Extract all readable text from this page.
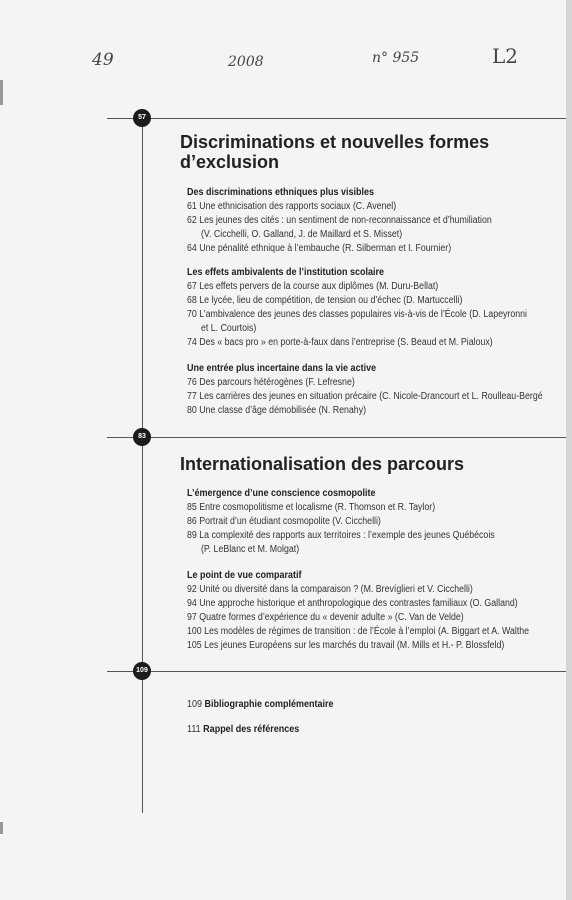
49	2008	n° 955	L2
57
83
109
Discriminations et nouvelles formes
d’exclusion
Des discriminations ethniques plus visibles
61 Une ethnicisation des rapports sociaux (C. Avenel)
62 Les jeunes des cités : un sentiment de non-reconnaissance et d’humiliation
(V. Cicchelli, O. Galland, J. de Maillard et S. Misset)
64 Une pénalité ethnique à l’embauche (R. Silberman et I. Fournier)
Les effets ambivalents de l’institution scolaire
67 Les effets pervers de la course aux diplômes (M. Duru-Bellat)
68 Le lycée, lieu de compétition, de tension ou d’échec (D. Martuccelli)
70 L’ambivalence des jeunes des classes populaires vis-à-vis de l’École (D. Lapeyronni
et L. Courtois)
74 Des « bacs pro » en porte-à-faux dans l’entreprise (S. Beaud et M. Pialoux)
Une entrée plus incertaine dans la vie active
76 Des parcours hétérogènes (F. Lefresne)
77 Les carrières des jeunes en situation précaire (C. Nicole-Drancourt et L. Roulleau-Bergé
80 Une classe d’âge démobilisée (N. Renahy)
Internationalisation des parcours
L’émergence d’une conscience cosmopolite
85 Entre cosmopolitisme et localisme (R. Thomson et R. Taylor)
86 Portrait d’un étudiant cosmopolite (V. Cicchelli)
89 La complexité des rapports aux territoires : l’exemple des jeunes Québécois
(P. LeBlanc et M. Molgat)
Le point de vue comparatif
92 Unité ou diversité dans la comparaison ? (M. Brevíglieri et V. Cicchelli)
94 Une approche historique et anthropologique des contrastes familiaux (O. Galland)
97 Quatre formes d’expérience du « devenir adulte » (C. Van de Velde)
100 Les modèles de régimes de transition : de l’École à l’emploi (A. Biggart et A. Walthe
105 Les jeunes Européens sur les marchés du travail (M. Mills et H.- P. Blossfeld)
109 Bibliographie complémentaire
111 Rappel des références
